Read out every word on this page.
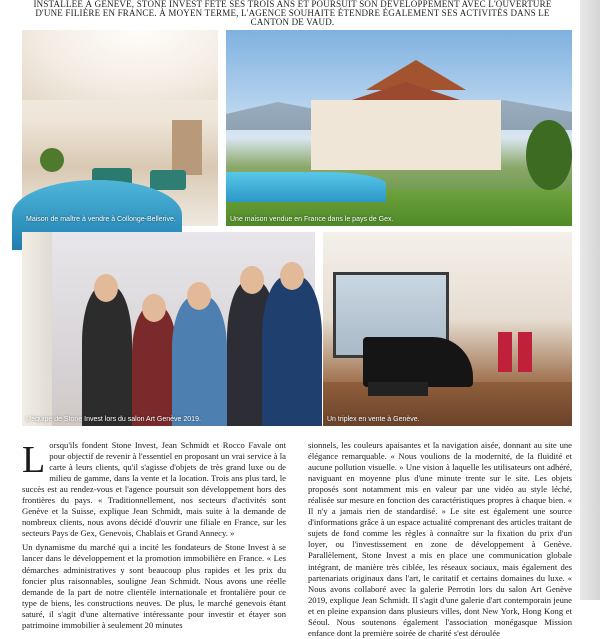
INSTALLÉE À GENÈVE, STONE INVEST FÊTE SES TROIS ANS ET POURSUIT SON DÉVELOPPEMENT AVEC L'OUVERTURE D'UNE FILIÈRE EN FRANCE. À MOYEN TERME, L'AGENCE SOUHAITE ÉTENDRE ÉGALEMENT SES ACTIVITÉS DANS LE CANTON DE VAUD.
Maison de maître à vendre à Collonge-Bellerive.	Une maison vendue en France dans le pays de Gex.
L'équipe de Stone Invest lors du salon Art Genève 2019.	Un triplex en vente à Genève.

Lorsqu'ils fondent Stone Invest, Jean Schmidt et Rocco Favale ont pour objectif de revenir à l'essentiel en proposant un vrai service à la carte à leurs clients, qu'il s'agisse d'objets de très grand luxe ou de milieu de gamme, dans la vente et la location. Trois ans plus tard, le succès est au rendez-vous et l'agence poursuit son développement hors des frontières du pays. « Traditionnellement, nos secteurs d'activités sont Genève et la Suisse, explique Jean Schmidt, mais suite à la demande de nombreux clients, nous avons décidé d'ouvrir une filiale en France, sur les secteurs Pays de Gex, Genevois, Chablais et Grand Annecy. »

Un dynamisme du marché qui a incité les fondateurs de Stone Invest à se lancer dans le développement et la promotion immobilière en France. « Les démarches administratives y sont beaucoup plus rapides et les prix du foncier plus raisonnables, souligne Jean Schmidt. Nous avons une réelle demande de la part de notre clientèle internationale et frontalière pour ce type de biens, les constructions neuves. De plus, le marché genevois étant saturé, il s'agit d'une alternative intéressante pour investir et étayer son patrimoine immobilier à seulement 20 minutes

sionnels, les couleurs apaisantes et la navigation aisée, donnant au site une élégance remarquable. « Nous voulions de la modernité, de la fluidité et aucune pollution visuelle. » Une vision à laquelle les utilisateurs ont adhéré, naviguant en moyenne plus d'une minute trente sur le site. Les objets proposés sont notamment mis en valeur par une vidéo au style léché, réalisée sur mesure en fonction des caractéristiques propres à chaque bien. « Il n'y a jamais rien de standardisé. » Le site est également une source d'informations grâce à un espace actualité comprenant des articles traitant de sujets de fond comme les règles à connaître sur la fixation du prix d'un loyer, ou l'investissement en zone de développement à Genève. Parallèlement, Stone Invest a mis en place une communication globale intégrant, de manière très ciblée, les réseaux sociaux, mais également des partenariats originaux dans l'art, le caritatif et certains domaines du luxe. « Nous avons collaboré avec la galerie Perrotin lors du salon Art Genève 2019, explique Jean Schmidt. Il s'agit d'une galerie d'art contemporain jeune et en pleine expansion dans plusieurs villes, dont New York, Hong Kong et Séoul. Nous soutenons également l'association monégasque Mission enfance dont la première soirée de charité s'est déroulée
